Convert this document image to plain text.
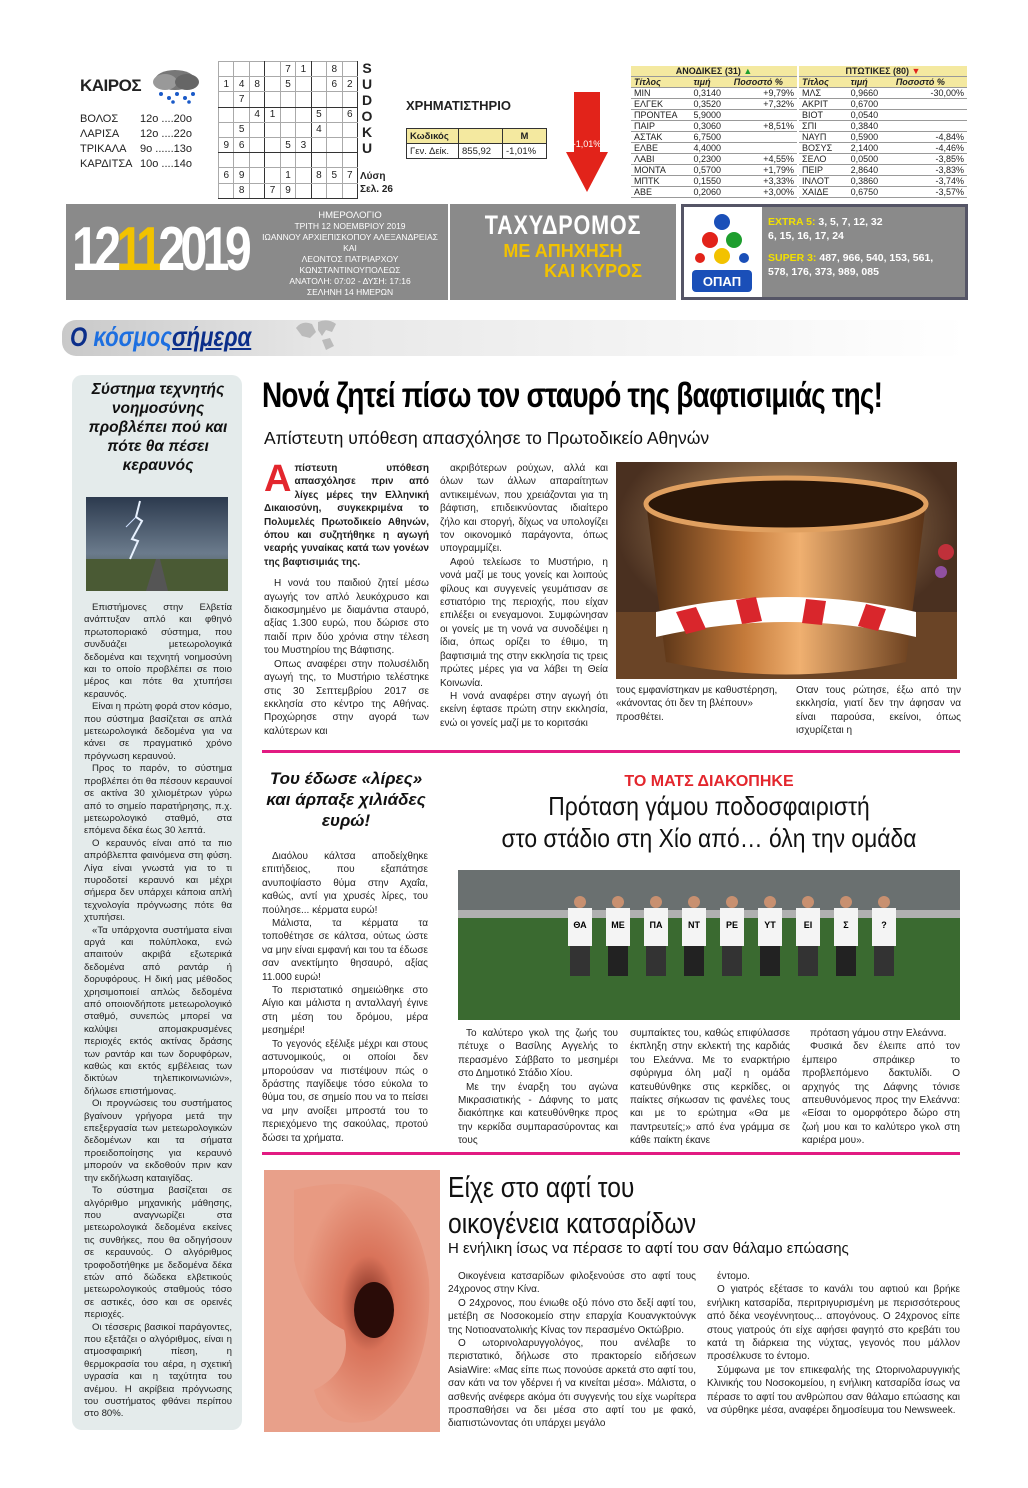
ΚΑΙΡΟΣ
ΒΟΛΟΣ	12ο ....20ο
ΛΑΡΙΣΑ	12ο ....22ο
ΤΡΙΚΑΛΑ	9ο ......13ο
ΚΑΡΔΙΤΣΑ 10ο ....14ο
				7	1		8	
1	4	8		5			6	2
	7							
		4	1			5		6
	5					4		
9	6			5	3			

6	9			1		8	5	7
	8		7	9				
S
U
D
O
K
U
Λύση
Σελ. 26
ΧΡΗΜΑΤΙΣΤΗΡΙΟ
Κωδικός		Μ
Γεν. Δείκ.	855,92	-1,01%
-1,01%
ΑΝΟΔΙΚΕΣ (31) ▲		
Τίτλος	τιμή	Ποσοστό %
ΜΙΝ	0,3140	+9,79%
ΕΛΓΕΚ	0,3520	+7,32%
ΠΡΟΝΤΕΑ	5,9000	
ΠΑΙΡ	0,3060	+8,51%
ΑΣΤΑΚ	6,7500	
ΕΛΒΕ	4,4000	
ΛΑΒΙ	0,2300	+4,55%
ΜΟΝΤΑ	0,5700	+1,79%
ΜΠΤΚ	0,1550	+3,33%
ΑΒΕ	0,2060	+3,00%
ΠΤΩΤΙΚΕΣ (80) ▼		
Τίτλος	τιμή	Ποσοστό %
ΜΛΣ	0,9660	-30,00%
ΑΚΡΙΤ	0,6700	
ΒΙΟΤ	0,0540	
ΣΠΙ	0,3840	
ΝΑΥΠ	0,5900	-4,84%
ΒΟΣΥΣ	2,1400	-4,46%
ΣΕΛΟ	0,0500	-3,85%
ΠΕΙΡ	2,8640	-3,83%
ΙΝΛΟΤ	0,3860	-3,74%
ΧΑΙΔΕ	0,6750	-3,57%
12112019	ΗΜΕΡΟΛΟΓΙΟ
ΤΡΙΤΗ 12 ΝΟΕΜΒΡΙΟΥ 2019
ΙΩΑΝΝΟΥ ΑΡΧΙΕΠΙΣΚΟΠΟΥ ΑΛΕΞΑΝΔΡΕΙΑΣ ΚΑΙ
ΛΕΟΝΤΟΣ ΠΑΤΡΙΑΡΧΟΥ ΚΩΝΣΤΑΝΤΙΝΟΥΠΟΛΕΩΣ
ΑΝΑΤΟΛΗ: 07:02 - ΔΥΣΗ: 17:16
ΣΕΛΗΝΗ 14 ΗΜΕΡΩΝ
ΤΑΧΥΔΡΟΜΟΣ
ΜΕ ΑΠΗΧΗΣΗ
ΚΑΙ ΚΥΡΟΣ
EXTRA 5: 3, 5, 7, 12, 32
6, 15, 16, 17, 24
SUPER 3: 487, 966, 540, 153, 561,
578, 176, 373, 989, 085
ΟΠΑΠ
Ο κόσμοςσήμερα
Σύστημα τεχνητής νοημοσύνης προβλέπει πού και πότε θα πέσει κεραυνός

Επιστήμονες στην Ελβετία ανάπτυξαν απλό και φθηνό πρωτοποριακό σύστημα, που συνδυάζει μετεωρολογικά δεδομένα και τεχνητή νοημοσύνη και το οποίο προβλέπει σε ποιο μέρος και πότε θα χτυπήσει κεραυνός.

Είναι η πρώτη φορά στον κόσμο, που σύστημα βασίζεται σε απλά μετεωρολογικά δεδομένα για να κάνει σε πραγματικό χρόνο πρόγνωση κεραυνού.

Προς το παρόν, το σύστημα προβλέπει ότι θα πέσουν κεραυνοί σε ακτίνα 30 χιλιομέτρων γύρω από το σημείο παρατήρησης, π.χ. μετεωρολογικό σταθμό, στα επόμενα δέκα έως 30 λεπτά.

Ο κεραυνός είναι από τα πιο απρόβλεπτα φαινόμενα στη φύση. Λίγα είναι γνωστά για το τι πυροδοτεί κεραυνό και μέχρι σήμερα δεν υπάρχει κάποια απλή τεχνολογία πρόγνωσης πότε θα χτυπήσει.

«Τα υπάρχοντα συστήματα είναι αργά και πολύπλοκα, ενώ απαιτούν ακριβά εξωτερικά δεδομένα από ραντάρ ή δορυφόρους. Η δική μας μέθοδος χρησιμοποιεί απλώς δεδομένα από οποιονδήποτε μετεωρολογικό σταθμό, συνεπώς μπορεί να καλύψει απομακρυσμένες περιοχές εκτός ακτίνας δράσης των ραντάρ και των δορυφόρων, καθώς και εκτός εμβέλειας των δικτύων τηλεπικοινωνιών», δήλωσε επιστήμονας.

Οι προγνώσεις του συστήματος βγαίνουν γρήγορα μετά την επεξεργασία των μετεωρολογικών δεδομένων και τα σήματα προειδοποίησης για κεραυνό μπορούν να εκδοθούν πριν καν την εκδήλωση καταιγίδας.

Το σύστημα βασίζεται σε αλγόριθμο μηχανικής μάθησης, που αναγνωρίζει στα μετεωρολογικά δεδομένα εκείνες τις συνθήκες, που θα οδηγήσουν σε κεραυνούς. Ο αλγόριθμος τροφοδοτήθηκε με δεδομένα δέκα ετών από δώδεκα ελβετικούς μετεωρολογικούς σταθμούς τόσο σε αστικές, όσο και σε ορεινές περιοχές.

Οι τέσσερις βασικοί παράγοντες, που εξετάζει ο αλγόριθμος, είναι η ατμοσφαιρική πίεση, η θερμοκρασία του αέρα, η σχετική υγρασία και η ταχύτητα του ανέμου. Η ακρίβεια πρόγνωσης του συστήματος φθάνει περίπου στο 80%.

Νονά ζητεί πίσω τον σταυρό της βαφτισιμιάς της!
Απίστευτη υπόθεση απασχόλησε το Πρωτοδικείο Αθηνών
Απίστευτη υπόθεση απασχόλησε πριν από λίγες μέρες την Ελληνική Δικαιοσύνη, συγκεκριμένα το Πολυμελές Πρωτοδικείο Αθηνών, όπου και συζητήθηκε η αγωγή νεαρής γυναίκας κατά των γονέων της βαφτισιμιάς της.

Η νονά του παιδιού ζητεί μέσω αγωγής τον απλό λευκόχρυσο και διακοσμημένο με διαμάντια σταυρό, αξίας 1.300 ευρώ, που δώρισε στο παιδί πριν δύο χρόνια στην τέλεση του Μυστηρίου της Βάφτισης.

Οπως αναφέρει στην πολυσέλιδη αγωγή της, το Μυστήριο τελέστηκε στις 30 Σεπτεμβρίου 2017 σε εκκλησία στο κέντρο της Αθήνας. Προχώρησε στην αγορά των καλύτερων και

ακριβότερων ρούχων, αλλά και όλων των άλλων απαραίτητων αντικειμένων, που χρειάζονται για τη βάφτιση, επιδεικνύοντας ιδιαίτερο ζήλο και στοργή, δίχως να υπολογίζει τον οικονομικό παράγοντα, όπως υπογραμμίζει.

Αφού τελείωσε το Μυστήριο, η νονά μαζί με τους γονείς και λοιπούς φίλους και συγγενείς γευμάτισαν σε εστιατόριο της περιοχής, που είχαν επιλέξει οι ενεγαμονοι. Συμφώνησαν οι γονείς με τη νονά να συνοδέψει η ίδια, όπως ορίζει το έθιμο, τη βαφτισιμιά της στην εκκλησία τις τρεις πρώτες μέρες για να λάβει τη Θεία Κοινωνία.

Η νονά αναφέρει στην αγωγή ότι εκείνη έφτασε πρώτη στην εκκλησία, ενώ οι γονείς μαζί με το κοριτσάκι

τους εμφανίστηκαν με καθυστέρηση, «κάνοντας ότι δεν τη βλέπουν» προσθέτει.

Οταν τους ρώτησε, έξω από την εκκλησία, γιατί δεν την άφησαν να είναι παρούσα, εκείνοι, όπως ισχυρίζεται η

Του έδωσε «λίρες» και άρπαξε χιλιάδες ευρώ!

Διαόλου κάλτσα αποδείχθηκε επιτήδειος, που εξαπάτησε ανυποψίαστο θύμα στην Αχαΐα, καθώς, αντί για χρυσές λίρες, του πούλησε... κέρματα ευρώ!

Μάλιστα, τα κέρματα τα τοποθέτησε σε κάλτσα, ούτως ώστε να μην είναι εμφανή και του τα έδωσε σαν ανεκτίμητο θησαυρό, αξίας 11.000 ευρώ!

Το περιστατικό σημειώθηκε στο Αίγιο και μάλιστα η ανταλλαγή έγινε στη μέση του δρόμου, μέρα μεσημέρι!

Το γεγονός εξέλιξε μέχρι και στους αστυνομικούς, οι οποίοι δεν μπορούσαν να πιστέψουν πώς ο δράστης παγίδεψε τόσο εύκολα το θύμα του, σε σημείο που να το πείσει να μην ανοίξει μπροστά του το περιεχόμενο της σακούλας, προτού δώσει τα χρήματα.

ΤΟ ΜΑΤΣ ΔΙΑΚΟΠΗΚΕ
Πρόταση γάμου ποδοσφαιριστή
στο στάδιο στη Χίο από… όλη την ομάδα
ΘΑ	ΜΕ	ΠΑ	ΝΤ	ΡΕ	ΥΤ	ΕΙ	Σ	?

Το καλύτερο γκολ της ζωής του πέτυχε ο Βασίλης Αγγελής το περασμένο Σάββατο το μεσημέρι στο Δημοτικό Στάδιο Χίου.

Με την έναρξη του αγώνα Μικρασιατικής - Δάφνης το ματς διακόπηκε και κατευθύνθηκε προς την κερκίδα συμπαρασύροντας και τους

συμπαίκτες του, καθώς επιφύλασσε έκπληξη στην εκλεκτή της καρδιάς του Ελεάννα. Με το εναρκτήριο σφύριγμα όλη μαζί η ομάδα κατευθύνθηκε στις κερκίδες, οι παίκτες σήκωσαν τις φανέλες τους και με το ερώτημα «Θα με παντρευτείς;» από ένα γράμμα σε κάθε παίκτη έκανε

πρόταση γάμου στην Ελεάννα.

Φυσικά δεν έλειπε από τον έμπειρο σπράικερ το προβλεπόμενο δακτυλίδι. Ο αρχηγός της Δάφνης τόνισε απευθυνόμενος προς την Ελεάννα: «Είσαι το ομορφότερο δώρο στη ζωή μου και το καλύτερο γκολ στη καριέρα μου».

Είχε στο αφτί του
οικογένεια κατσαρίδων
Η ενήλικη ίσως να πέρασε το αφτί του σαν θάλαμο επώασης

Οικογένεια κατσαρίδων φιλοξενούσε στο αφτί τους 24χρονος στην Κίνα.

Ο 24χρονος, που ένιωθε οξύ πόνο στο δεξί αφτί του, μετέβη σε Νοσοκομείο στην επαρχία Κουανγκτούνγκ της Νοτιοανατολικής Κίνας τον περασμένο Οκτώβριο.

Ο ωτορινολαρυγγολόγος, που ανέλαβε το περιστατικό, δήλωσε στο πρακτορείο ειδήσεων AsiaWire: «Μας είπε πως πονούσε αρκετά στο αφτί του, σαν κάτι να τον γδέρνει ή να κινείται μέσα». Μάλιστα, ο ασθενής ανέφερε ακόμα ότι συγγενής του είχε νωρίτερα προσπαθήσει να δει μέσα στο αφτί του με φακό, διαπιστώνοντας ότι υπάρχει μεγάλο

έντομο.

Ο γιατρός εξέτασε το κανάλι του αφτιού και βρήκε ενήλικη κατσαρίδα, περιτριγυρισμένη με περισσότερους από δέκα νεογέννητους... απογόνους. Ο 24χρονος είπε στους γιατρούς ότι είχε αφήσει φαγητό στο κρεβάτι του κατά τη διάρκεια της νύχτας, γεγονός που μάλλον προσέλκυσε το έντομο.

Σύμφωνα με τον επικεφαλής της Ωτορινολαρυγγικής Κλινικής του Νοσοκομείου, η ενήλικη κατσαρίδα ίσως να πέρασε το αφτί του ανθρώπου σαν θάλαμο επώασης και να σύρθηκε μέσα, αναφέρει δημοσίευμα του Newsweek.
